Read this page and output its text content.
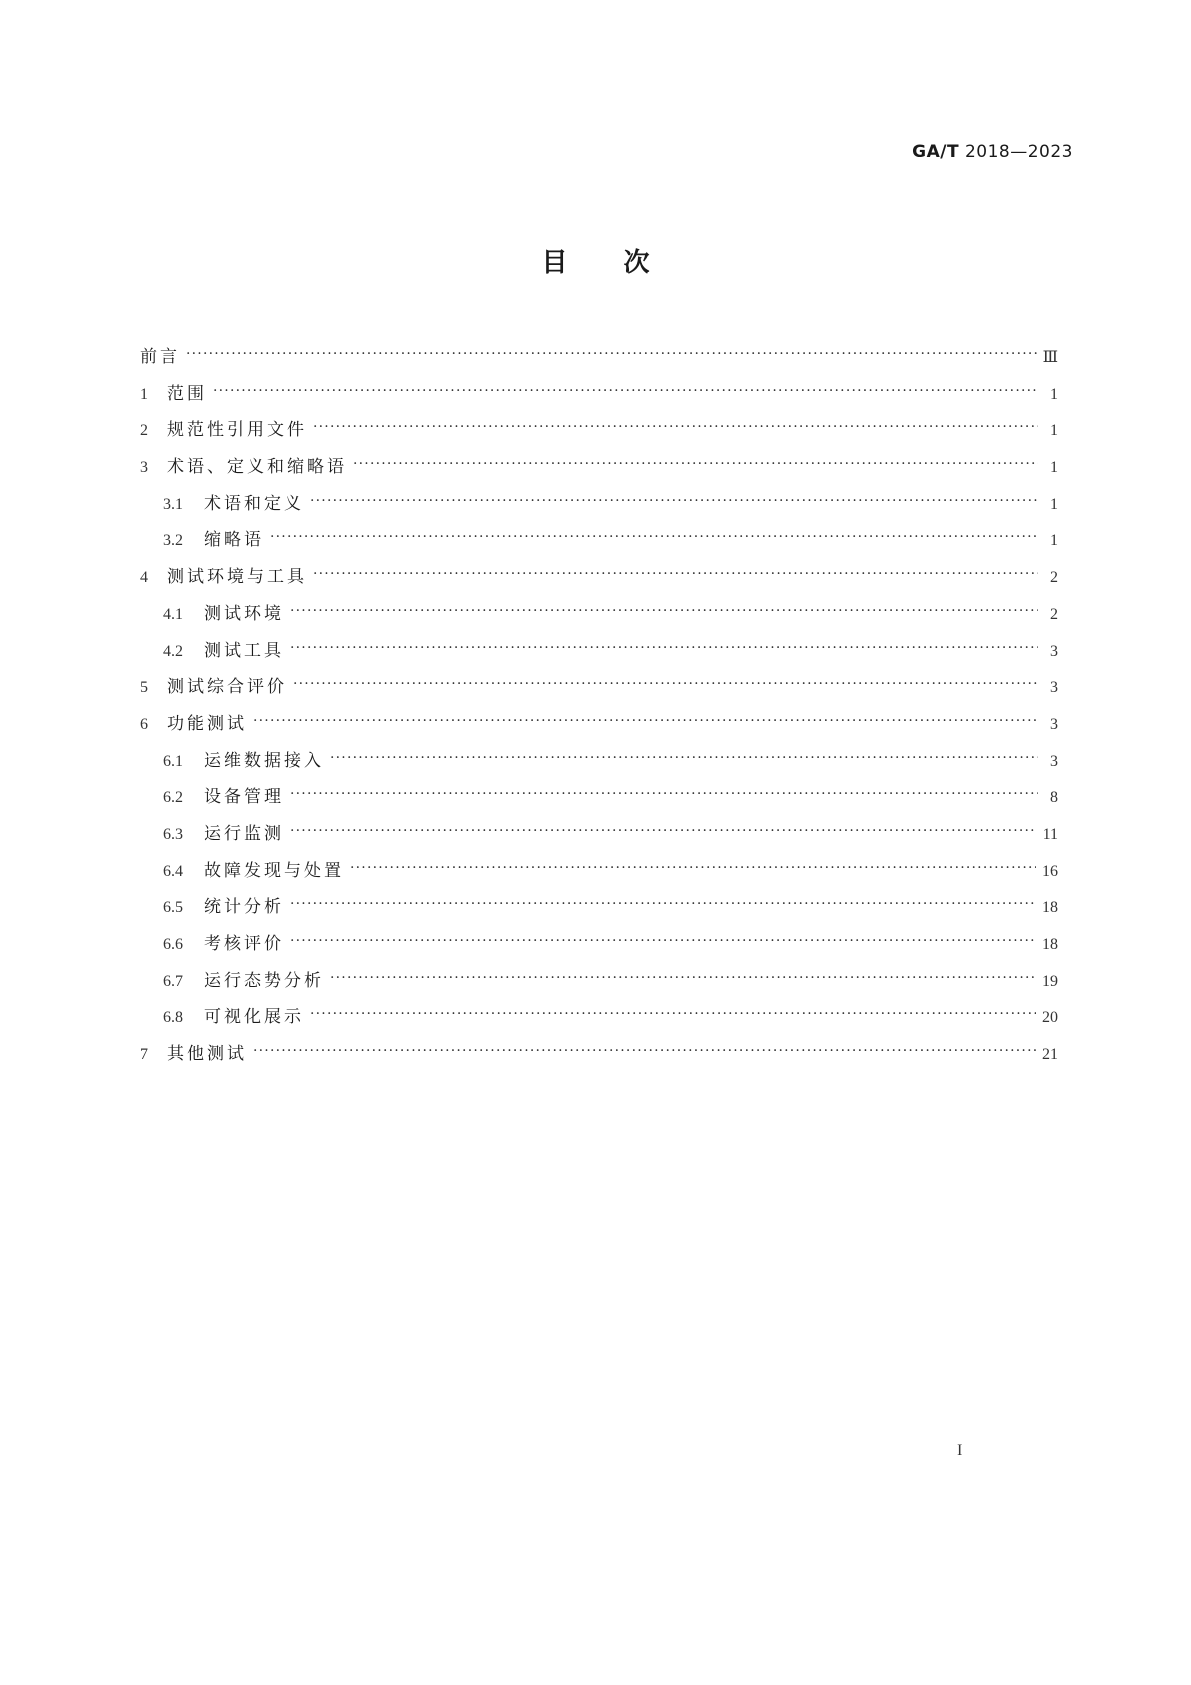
GA/T 2018—2023
目次
前言 ·····	Ⅲ
1	范围 ·····	1
2	规范性引用文件 ·····	1
3	术语、定义和缩略语 ·····	1
3.1	术语和定义 ·····	1
3.2	缩略语 ·····	1
4	测试环境与工具 ·····	2
4.1	测试环境 ·····	2
4.2	测试工具 ·····	3
5	测试综合评价 ·····	3
6	功能测试 ·····	3
6.1	运维数据接入 ·····	3
6.2	设备管理 ·····	8
6.3	运行监测 ·····	11
6.4	故障发现与处置 ·····	16
6.5	统计分析 ·····	18
6.6	考核评价 ·····	18
6.7	运行态势分析 ·····	19
6.8	可视化展示 ·····	20
7	其他测试 ·····	21
I
